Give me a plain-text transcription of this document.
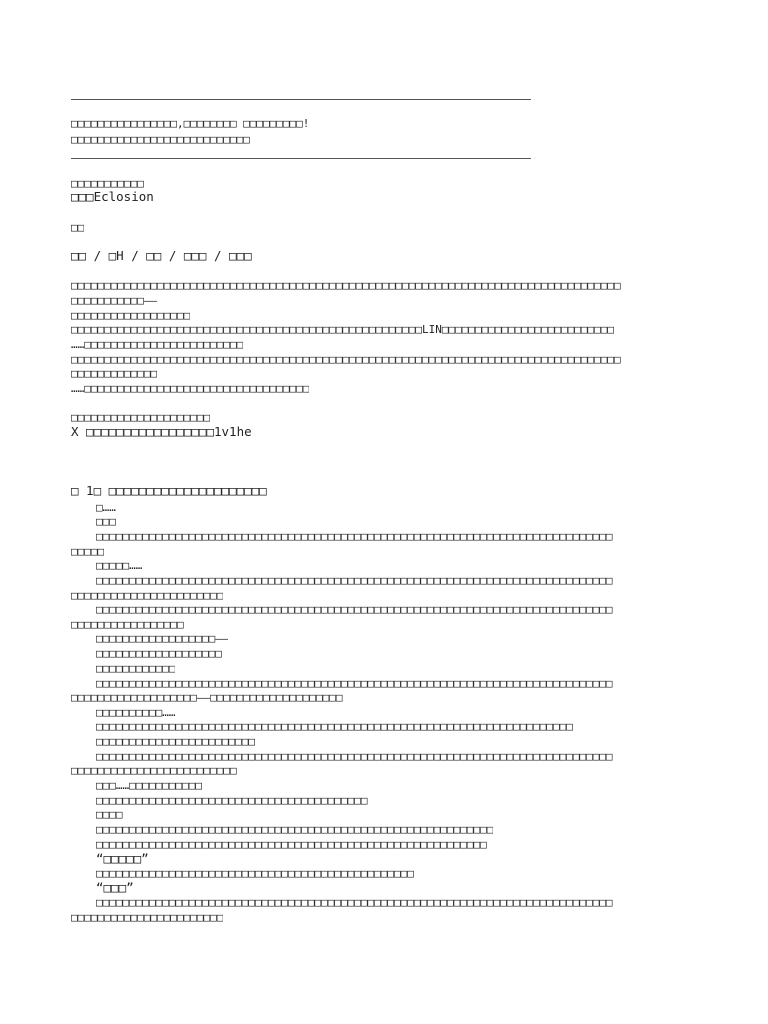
□□□□□□□□□□□□□□□□,□□□□□□□□ □□□□□□□□□!
□□□□□□□□□□□□□□□□□□□□□□□□□□□
□□□□□□□□□□□
□□□Eclosion
□□
□□ / □H / □□ / □□□ / □□□
□□□□□□□□□□□□□□□□□□□□□□□□□□□□□□□□□□□□□□□□□□□□□□□□□□□□□□□□□□□□□□□□□□□□□□□□□□□□□□□□□□□
□□□□□□□□□□□——
□□□□□□□□□□□□□□□□□□
□□□□□□□□□□□□□□□□□□□□□□□□□□□□□□□□□□□□□□□□□□□□□□□□□□□□□LIN□□□□□□□□□□□□□□□□□□□□□□□□□□
……□□□□□□□□□□□□□□□□□□□□□□□□
□□□□□□□□□□□□□□□□□□□□□□□□□□□□□□□□□□□□□□□□□□□□□□□□□□□□□□□□□□□□□□□□□□□□□□□□□□□□□□□□□□□
□□□□□□□□□□□□□
……□□□□□□□□□□□□□□□□□□□□□□□□□□□□□□□□□□
□□□□□□□□□□□□□□□□□□□□□
X □□□□□□□□□□□□□□□□□1v1he
□ 1□ □□□□□□□□□□□□□□□□□□□□□
□……
□□□
□□□□□□□□□□□□□□□□□□□□□□□□□□□□□□□□□□□□□□□□□□□□□□□□□□□□□□□□□□□□□□□□□□□□□□□□□□□□□□
□□□□□
□□□□□……
□□□□□□□□□□□□□□□□□□□□□□□□□□□□□□□□□□□□□□□□□□□□□□□□□□□□□□□□□□□□□□□□□□□□□□□□□□□□□□
□□□□□□□□□□□□□□□□□□□□□□□
□□□□□□□□□□□□□□□□□□□□□□□□□□□□□□□□□□□□□□□□□□□□□□□□□□□□□□□□□□□□□□□□□□□□□□□□□□□□□□
□□□□□□□□□□□□□□□□□
□□□□□□□□□□□□□□□□□□——
□□□□□□□□□□□□□□□□□□□
□□□□□□□□□□□□
□□□□□□□□□□□□□□□□□□□□□□□□□□□□□□□□□□□□□□□□□□□□□□□□□□□□□□□□□□□□□□□□□□□□□□□□□□□□□□
□□□□□□□□□□□□□□□□□□□——□□□□□□□□□□□□□□□□□□□□
□□□□□□□□□□……
□□□□□□□□□□□□□□□□□□□□□□□□□□□□□□□□□□□□□□□□□□□□□□□□□□□□□□□□□□□□□□□□□□□□□□□□
□□□□□□□□□□□□□□□□□□□□□□□□
□□□□□□□□□□□□□□□□□□□□□□□□□□□□□□□□□□□□□□□□□□□□□□□□□□□□□□□□□□□□□□□□□□□□□□□□□□□□□□
□□□□□□□□□□□□□□□□□□□□□□□□□
□□□……□□□□□□□□□□□
□□□□□□□□□□□□□□□□□□□□□□□□□□□□□□□□□□□□□□□□□
□□□□
□□□□□□□□□□□□□□□□□□□□□□□□□□□□□□□□□□□□□□□□□□□□□□□□□□□□□□□□□□□□
□□□□□□□□□□□□□□□□□□□□□□□□□□□□□□□□□□□□□□□□□□□□□□□□□□□□□□□□□□□
“□□□□□”
□□□□□□□□□□□□□□□□□□□□□□□□□□□□□□□□□□□□□□□□□□□□□□□□
“□□□”
□□□□□□□□□□□□□□□□□□□□□□□□□□□□□□□□□□□□□□□□□□□□□□□□□□□□□□□□□□□□□□□□□□□□□□□□□□□□□□
□□□□□□□□□□□□□□□□□□□□□□□
